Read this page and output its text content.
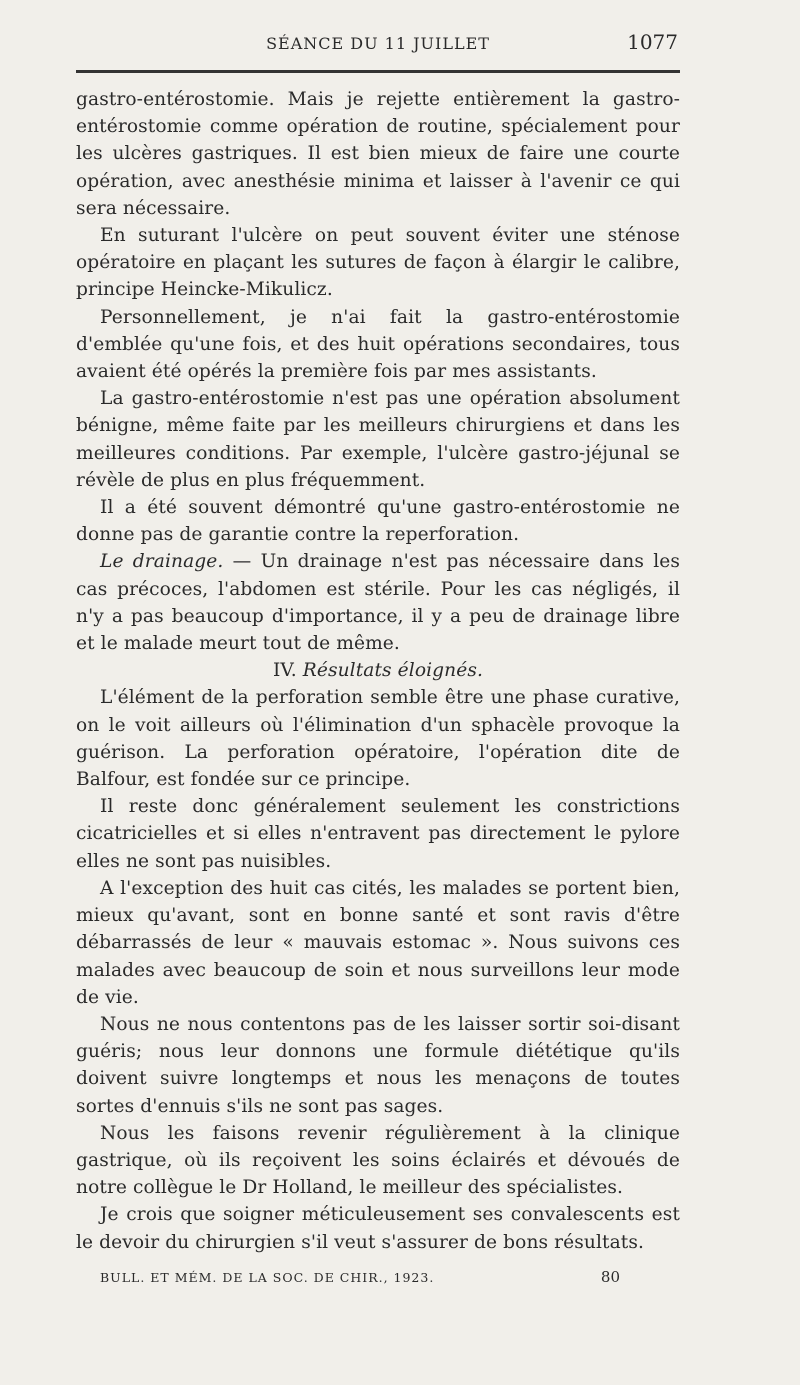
SÉANCE DU 11 JUILLET	1077

gastro-entérostomie. Mais je rejette entièrement la gastro-entérostomie comme opération de routine, spécialement pour les ulcères gastriques. Il est bien mieux de faire une courte opération, avec anesthésie minima et laisser à l'avenir ce qui sera nécessaire.

En suturant l'ulcère on peut souvent éviter une sténose opératoire en plaçant les sutures de façon à élargir le calibre, principe Heincke-Mikulicz.

Personnellement, je n'ai fait la gastro-entérostomie d'emblée qu'une fois, et des huit opérations secondaires, tous avaient été opérés la première fois par mes assistants.

La gastro-entérostomie n'est pas une opération absolument bénigne, même faite par les meilleurs chirurgiens et dans les meilleures conditions. Par exemple, l'ulcère gastro-jéjunal se révèle de plus en plus fréquemment.

Il a été souvent démontré qu'une gastro-entérostomie ne donne pas de garantie contre la reperforation.

Le drainage. — Un drainage n'est pas nécessaire dans les cas précoces, l'abdomen est stérile. Pour les cas négligés, il n'y a pas beaucoup d'importance, il y a peu de drainage libre et le malade meurt tout de même.

IV. Résultats éloignés.

L'élément de la perforation semble être une phase curative, on le voit ailleurs où l'élimination d'un sphacèle provoque la guérison. La perforation opératoire, l'opération dite de Balfour, est fondée sur ce principe.

Il reste donc généralement seulement les constrictions cicatricielles et si elles n'entravent pas directement le pylore elles ne sont pas nuisibles.

A l'exception des huit cas cités, les malades se portent bien, mieux qu'avant, sont en bonne santé et sont ravis d'être débarrassés de leur « mauvais estomac ». Nous suivons ces malades avec beaucoup de soin et nous surveillons leur mode de vie.

Nous ne nous contentons pas de les laisser sortir soi-disant guéris; nous leur donnons une formule diététique qu'ils doivent suivre longtemps et nous les menaçons de toutes sortes d'ennuis s'ils ne sont pas sages.

Nous les faisons revenir régulièrement à la clinique gastrique, où ils reçoivent les soins éclairés et dévoués de notre collègue le Dr Holland, le meilleur des spécialistes.

Je crois que soigner méticuleusement ses convalescents est le devoir du chirurgien s'il veut s'assurer de bons résultats.

BULL. ET MÉM. DE LA SOC. DE CHIR., 1923.	80
